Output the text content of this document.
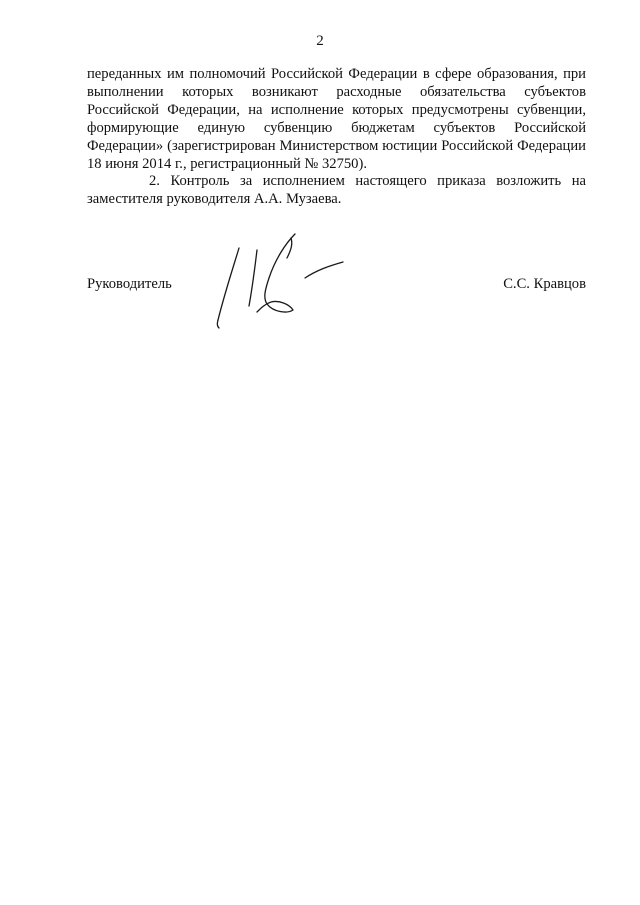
2

переданных им полномочий Российской Федерации в сфере образования, при выполнении которых возникают расходные обязательства субъектов Российской Федерации, на исполнение которых предусмотрены субвенции, формирующие единую субвенцию бюджетам субъектов Российской Федерации» (зарегистрирован Министерством юстиции Российской Федерации 18 июня 2014 г., регистрационный № 32750).

2. Контроль за исполнением настоящего приказа возложить на заместителя руководителя А.А. Музаева.

Руководитель	С.С. Кравцов
